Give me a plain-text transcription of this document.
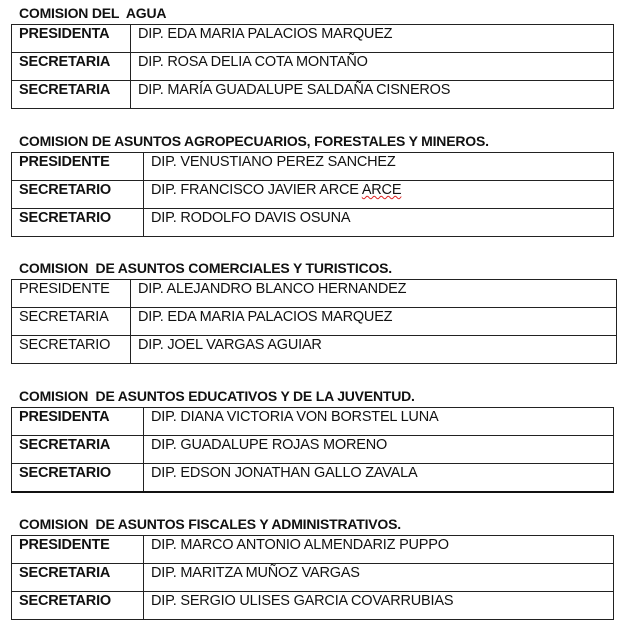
COMISION DEL  AGUA
PRESIDENTA	DIP. EDA MARIA PALACIOS MARQUEZ
SECRETARIA	DIP. ROSA DELIA COTA MONTAÑO
SECRETARIA	DIP. MARÍA GUADALUPE SALDAÑA CISNEROS
COMISION DE ASUNTOS AGROPECUARIOS, FORESTALES Y MINEROS.
PRESIDENTE	DIP. VENUSTIANO PEREZ SANCHEZ
SECRETARIO	DIP. FRANCISCO JAVIER ARCE ARCE
SECRETARIO	DIP. RODOLFO DAVIS OSUNA
COMISION  DE ASUNTOS COMERCIALES Y TURISTICOS.
PRESIDENTE	DIP. ALEJANDRO BLANCO HERNANDEZ
SECRETARIA	DIP. EDA MARIA PALACIOS MARQUEZ
SECRETARIO	DIP. JOEL VARGAS AGUIAR
COMISION  DE ASUNTOS EDUCATIVOS Y DE LA JUVENTUD.
PRESIDENTA	DIP. DIANA VICTORIA VON BORSTEL LUNA
SECRETARIA	DIP. GUADALUPE ROJAS MORENO
SECRETARIO	DIP. EDSON JONATHAN GALLO ZAVALA
COMISION  DE ASUNTOS FISCALES Y ADMINISTRATIVOS.
PRESIDENTE	DIP. MARCO ANTONIO ALMENDARIZ PUPPO
SECRETARIA	DIP. MARITZA MUÑOZ VARGAS
SECRETARIO	DIP. SERGIO ULISES GARCIA COVARRUBIAS
